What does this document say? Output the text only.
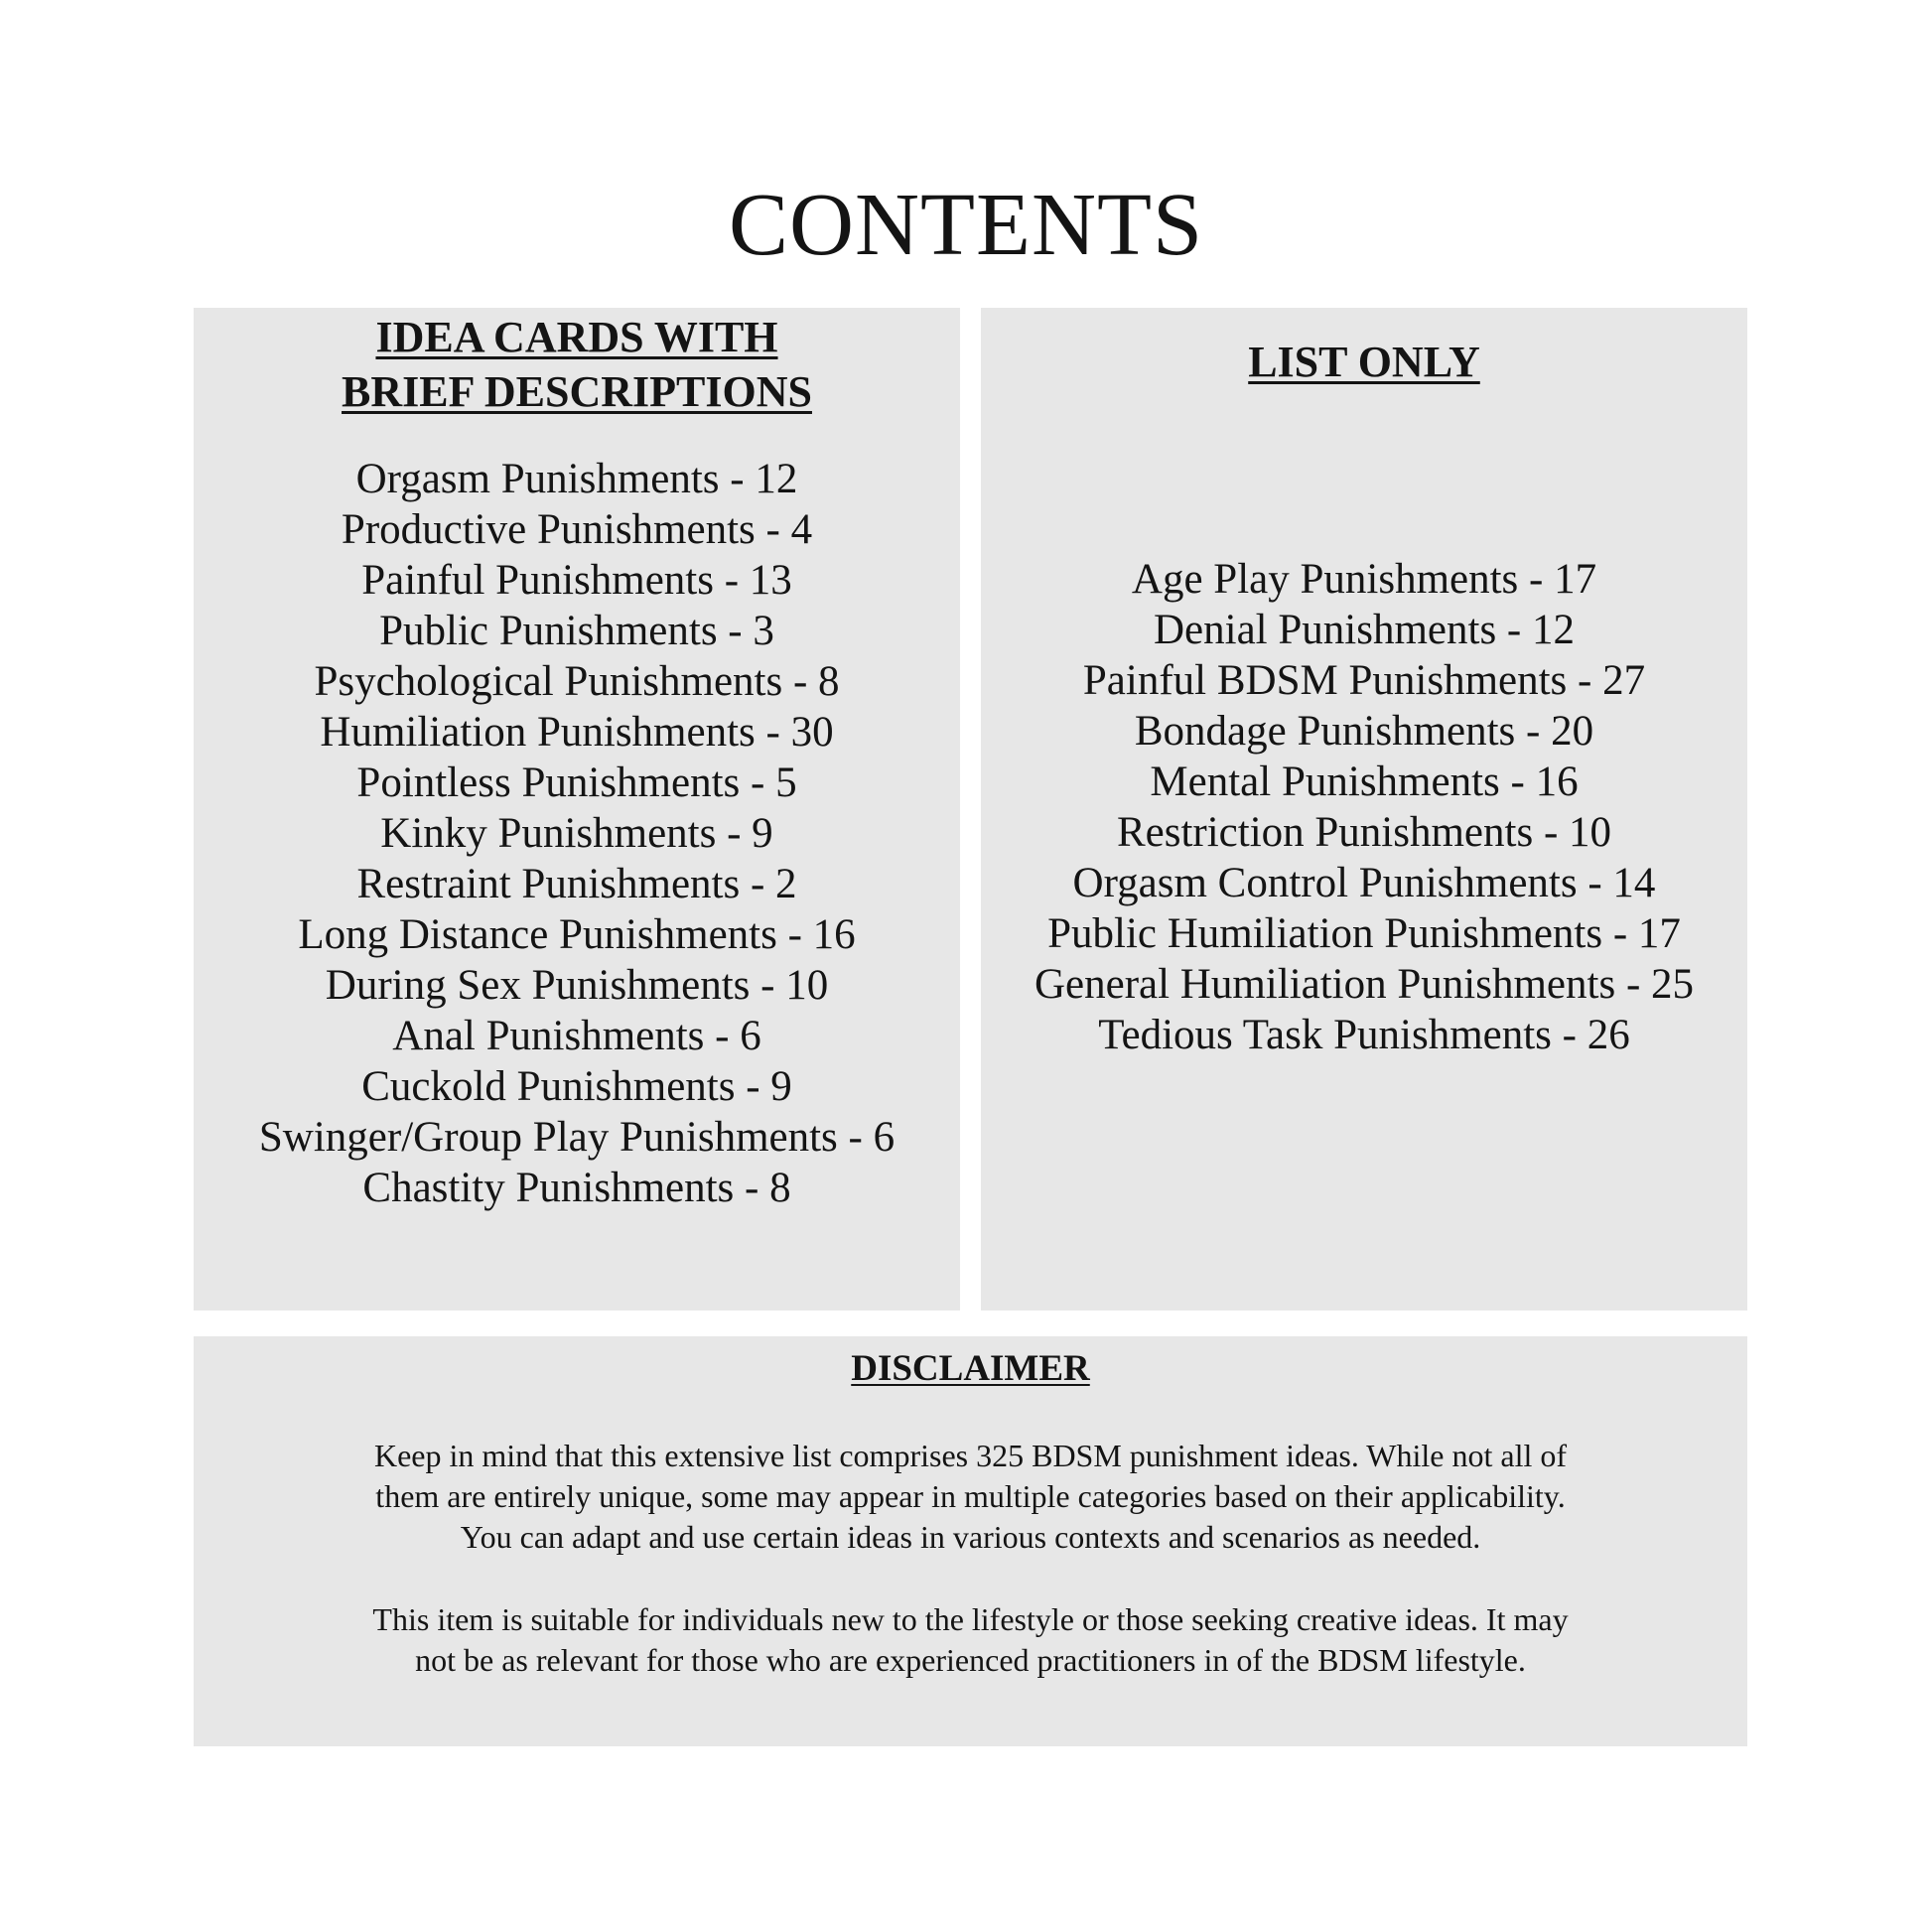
CONTENTS
IDEA CARDS WITH
BRIEF DESCRIPTIONS
Orgasm Punishments - 12
Productive Punishments - 4
Painful Punishments - 13
Public Punishments - 3
Psychological Punishments - 8
Humiliation Punishments - 30
Pointless Punishments - 5
Kinky Punishments - 9
Restraint Punishments - 2
Long Distance Punishments - 16
During Sex Punishments - 10
Anal Punishments - 6
Cuckold Punishments - 9
Swinger/Group Play Punishments - 6
Chastity Punishments - 8
LIST ONLY
Age Play Punishments - 17
Denial Punishments - 12
Painful BDSM Punishments - 27
Bondage Punishments - 20
Mental Punishments - 16
Restriction Punishments - 10
Orgasm Control Punishments - 14
Public Humiliation Punishments - 17
General Humiliation Punishments - 25
Tedious Task Punishments - 26
DISCLAIMER

Keep in mind that this extensive list comprises 325 BDSM punishment ideas. While not all of
them are entirely unique, some may appear in multiple categories based on their applicability.
You can adapt and use certain ideas in various contexts and scenarios as needed.

This item is suitable for individuals new to the lifestyle or those seeking creative ideas. It may
not be as relevant for those who are experienced practitioners in of the BDSM lifestyle.
